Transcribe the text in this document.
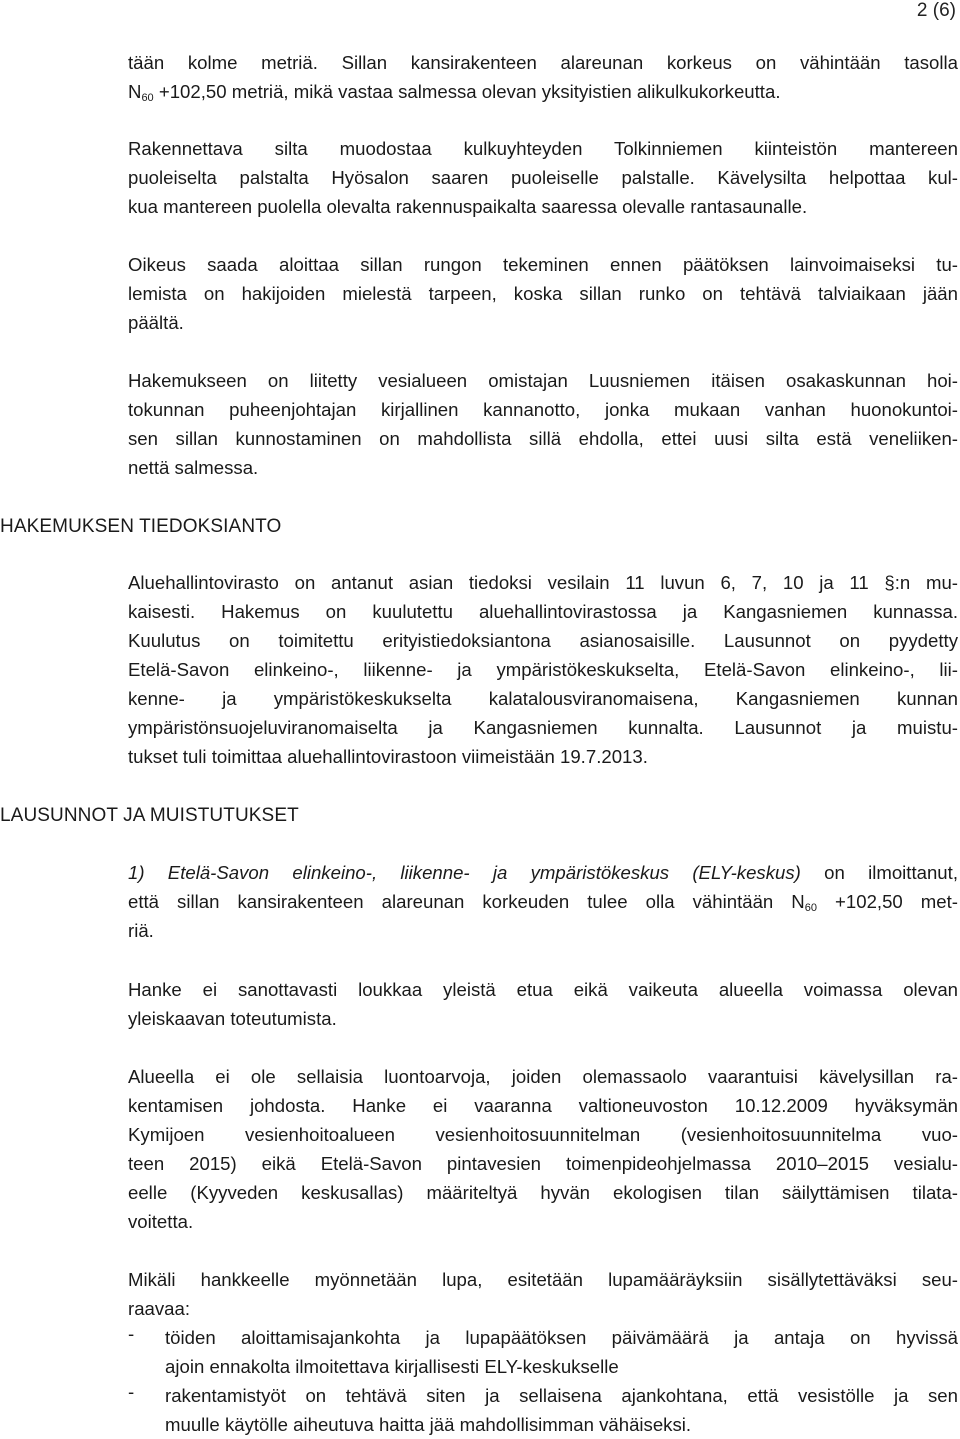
2 (6)
tään kolme metriä. Sillan kansirakenteen alareunan korkeus on vähintään tasolla
$N_{60} +102,50$ metriä, mikä vastaa salmessa olevan yksityistien alikulkukorkeutta.
Rakennettava silta muodostaa kulkuyhteyden Tolkinniemen kiinteistön mantereen
puoleiselta palstalta Hyösalon saaren puoleiselle palstalle. Kävelysilta helpottaa kul-
kua mantereen puolella olevalta rakennuspaikalta saaressa olevalle rantasaunalle.
Oikeus saada aloittaa sillan rungon tekeminen ennen päätöksen lainvoimaiseksi tu-
lemista on hakijoiden mielestä tarpeen, koska sillan runko on tehtävä talviaikaan jään
päältä.
Hakemukseen on liitetty vesialueen omistajan Luusniemen itäisen osakaskunnan hoi-
tokunnan puheenjohtajan kirjallinen kannanotto, jonka mukaan vanhan huonokuntoi-
sen sillan kunnostaminen on mahdollista sillä ehdolla, ettei uusi silta estä veneliiken-
nettä salmessa.
HAKEMUKSEN TIEDOKSIANTO
Aluehallintovirasto on antanut asian tiedoksi vesilain 11 luvun 6, 7, 10 ja 11 §:n mu-
kaisesti. Hakemus on kuulutettu aluehallintovirastossa ja Kangasniemen kunnassa.
Kuulutus on toimitettu erityistiedoksiantona asianosaisille. Lausunnot on pyydetty
Etelä-Savon elinkeino-, liikenne- ja ympäristökeskukselta, Etelä-Savon elinkeino-, lii-
kenne- ja ympäristökeskukselta kalatalousviranomaisena, Kangasniemen kunnan
ympäristönsuojeluviranomaiselta ja Kangasniemen kunnalta. Lausunnot ja muistu-
tukset tuli toimittaa aluehallintovirastoon viimeistään 19.7.2013.
LAUSUNNOT JA MUISTUTUKSET
1) Etelä-Savon elinkeino-, liikenne- ja ympäristökeskus (ELY-keskus) on ilmoittanut,
että sillan kansirakenteen alareunan korkeuden tulee olla vähintään $N_{60} +102,50$ met-
riä.
Hanke ei sanottavasti loukkaa yleistä etua eikä vaikeuta alueella voimassa olevan
yleiskaavan toteutumista.
Alueella ei ole sellaisia luontoarvoja, joiden olemassaolo vaarantuisi kävelysillan ra-
kentamisen johdosta. Hanke ei vaaranna valtioneuvoston 10.12.2009 hyväksymän
Kymijoen vesienhoitoalueen vesienhoitosuunnitelman (vesienhoitosuunnitelma vuo-
teen 2015) eikä Etelä-Savon pintavesien toimenpideohjelmassa 2010–2015 vesialu-
eelle (Kyyveden keskusallas) määriteltyä hyvän ekologisen tilan säilyttämisen tilata-
voitetta.
Mikäli hankkeelle myönnetään lupa, esitetään lupamääräyksiin sisällytettäväksi seu-
raavaa:
- töiden aloittamisajankohta ja lupapäätöksen päivämäärä ja antaja on hyvissä
ajoin ennakolta ilmoitettava kirjallisesti ELY-keskukselle
- rakentamistyöt on tehtävä siten ja sellaisena ajankohtana, että vesistölle ja sen
muulle käytölle aiheutuva haitta jää mahdollisimman vähäiseksi.
